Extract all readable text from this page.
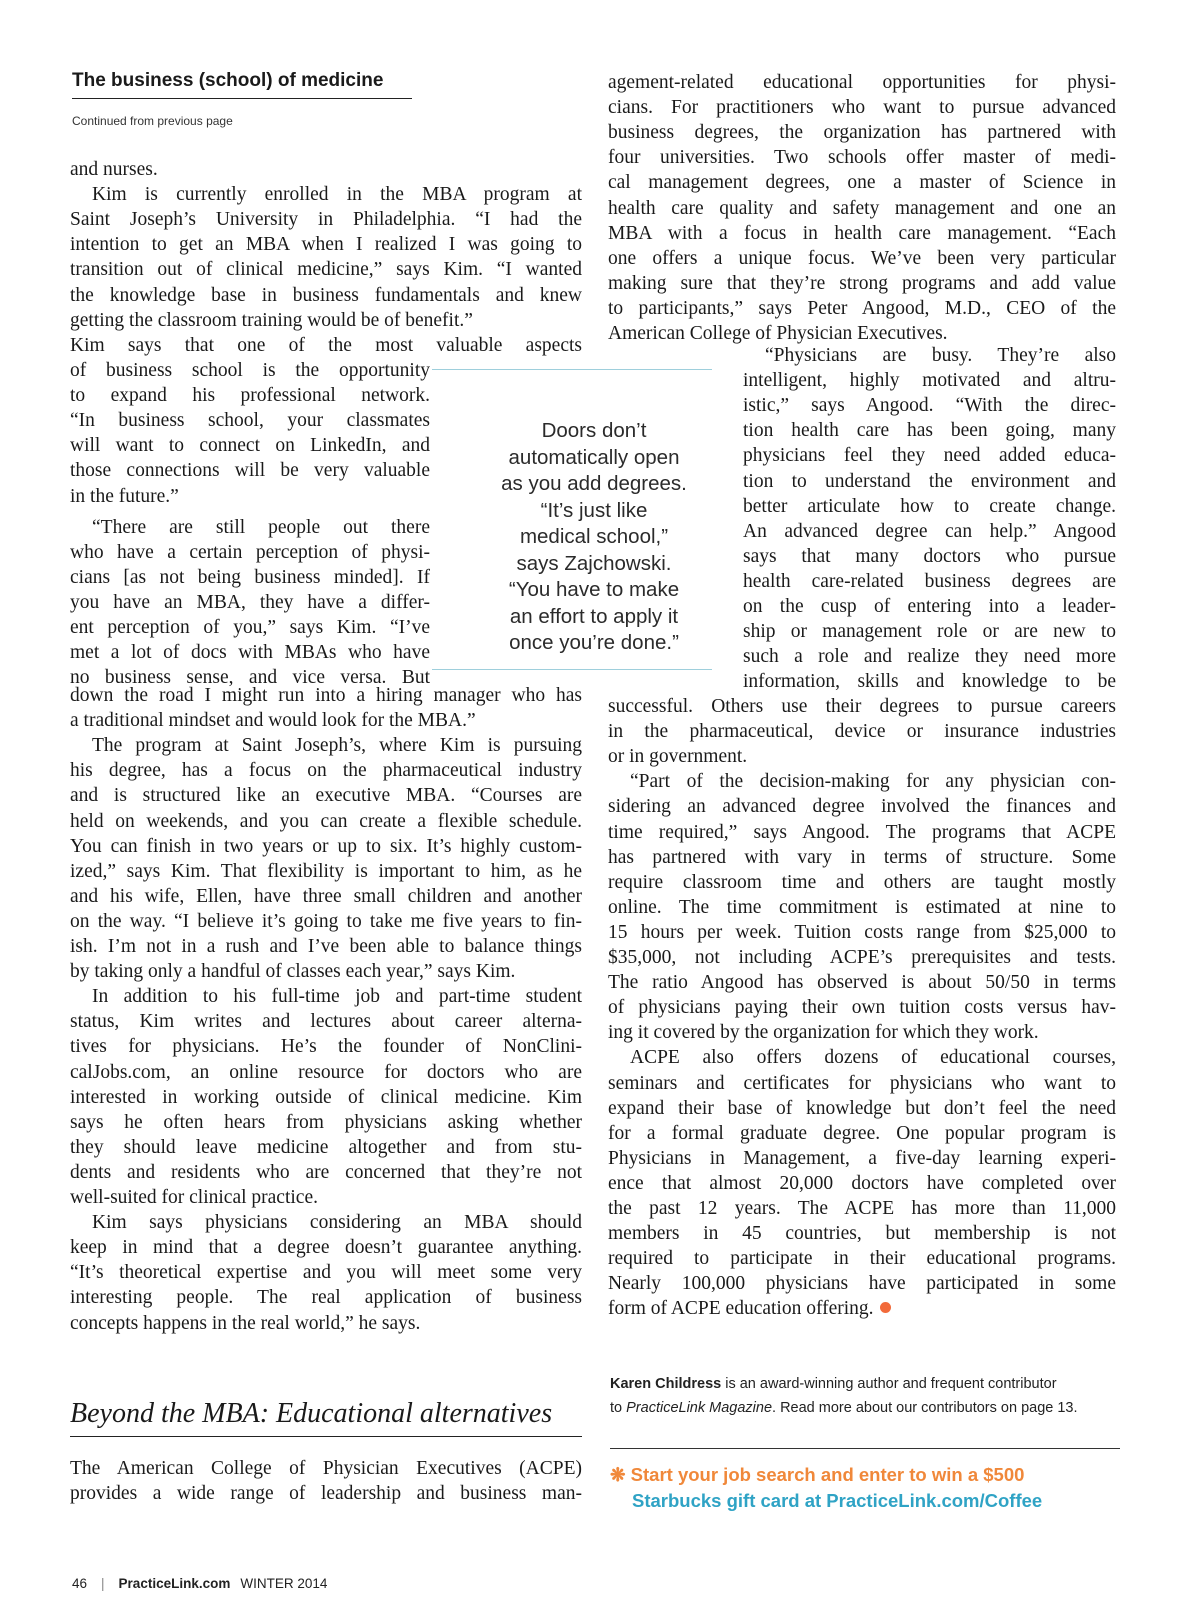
The business (school) of medicine
Continued from previous page
and nurses.
Kim is currently enrolled in the MBA program at
Saint Joseph’s University in Philadelphia. “I had the
intention to get an MBA when I realized I was going to
transition out of clinical medicine,” says Kim. “I wanted
the knowledge base in business fundamentals and knew
getting the classroom training would be of benefit.”
Kim says that one of the most valuable aspects
of business school is the opportunity
to expand his professional network.
“In business school, your classmates
will want to connect on LinkedIn, and
those connections will be very valuable
in the future.”
“There are still people out there
who have a certain perception of physi-
cians [as not being business minded]. If
you have an MBA, they have a differ-
ent perception of you,” says Kim. “I’ve
met a lot of docs with MBAs who have
no business sense, and vice versa. But
down the road I might run into a hiring manager who has
a traditional mindset and would look for the MBA.”
The program at Saint Joseph’s, where Kim is pursuing
his degree, has a focus on the pharmaceutical industry
and is structured like an executive MBA. “Courses are
held on weekends, and you can create a flexible schedule.
You can finish in two years or up to six. It’s highly custom-
ized,” says Kim. That flexibility is important to him, as he
and his wife, Ellen, have three small children and another
on the way. “I believe it’s going to take me five years to fin-
ish. I’m not in a rush and I’ve been able to balance things
by taking only a handful of classes each year,” says Kim.
In addition to his full-time job and part-time student
status, Kim writes and lectures about career alterna-
tives for physicians. He’s the founder of NonClini-
calJobs.com, an online resource for doctors who are
interested in working outside of clinical medicine. Kim
says he often hears from physicians asking whether
they should leave medicine altogether and from stu-
dents and residents who are concerned that they’re not
well-suited for clinical practice.
Kim says physicians considering an MBA should
keep in mind that a degree doesn’t guarantee anything.
“It’s theoretical expertise and you will meet some very
interesting people. The real application of business
concepts happens in the real world,” he says.
The American College of Physician Executives (ACPE)
provides a wide range of leadership and business man-
agement-related educational opportunities for physi-
cians. For practitioners who want to pursue advanced
business degrees, the organization has partnered with
four universities. Two schools offer master of medi-
cal management degrees, one a master of Science in
health care quality and safety management and one an
MBA with a focus in health care management. “Each
one offers a unique focus. We’ve been very particular
making sure that they’re strong programs and add value
to participants,” says Peter Angood, M.D., CEO of the
American College of Physician Executives.
“Physicians are busy. They’re also
intelligent, highly motivated and altru-
istic,” says Angood. “With the direc-
tion health care has been going, many
physicians feel they need added educa-
tion to understand the environment and
better articulate how to create change.
An advanced degree can help.” Angood
says that many doctors who pursue
health care-related business degrees are
on the cusp of entering into a leader-
ship or management role or are new to
such a role and realize they need more
information, skills and knowledge to be
successful. Others use their degrees to pursue careers
in the pharmaceutical, device or insurance industries
or in government.
“Part of the decision-making for any physician con-
sidering an advanced degree involved the finances and
time required,” says Angood. The programs that ACPE
has partnered with vary in terms of structure. Some
require classroom time and others are taught mostly
online. The time commitment is estimated at nine to
15 hours per week. Tuition costs range from $25,000 to
$35,000, not including ACPE’s prerequisites and tests.
The ratio Angood has observed is about 50/50 in terms
of physicians paying their own tuition costs versus hav-
ing it covered by the organization for which they work.
ACPE also offers dozens of educational courses,
seminars and certificates for physicians who want to
expand their base of knowledge but don’t feel the need
for a formal graduate degree. One popular program is
Physicians in Management, a five-day learning experi-
ence that almost 20,000 doctors have completed over
the past 12 years. The ACPE has more than 11,000
members in 45 countries, but membership is not
required to participate in their educational programs.
Nearly 100,000 physicians have participated in some
form of ACPE education offering.
Doors don’t
automatically open
as you add degrees.
“It’s just like
medical school,”
says Zajchowski.
“You have to make
an effort to apply it
once you’re done.”
Beyond the MBA: Educational alternatives
Karen Childress is an award-winning author and frequent contributor
to PracticeLink Magazine. Read more about our contributors on page 13.
❋ Start your job search and enter to win a $500
Starbucks gift card at PracticeLink.com/Coffee
46 | PracticeLink.com WINTER 2014
